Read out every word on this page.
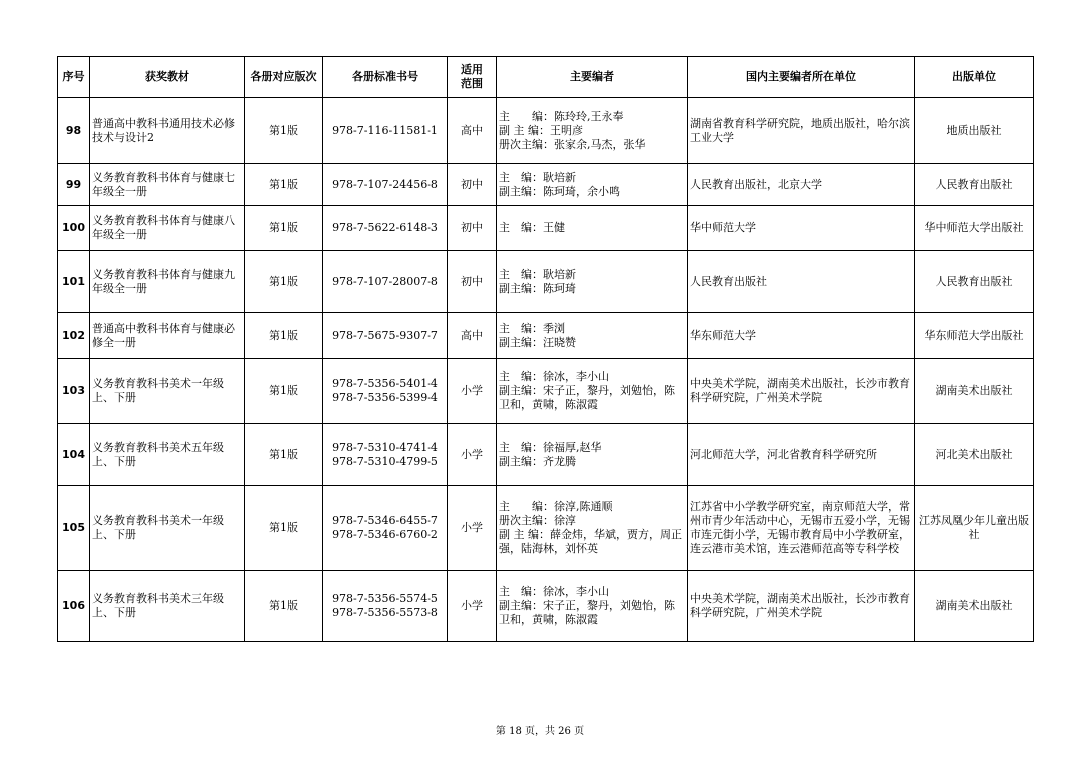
序号	获奖教材	各册对应版次	各册标准书号	适用范围	主要编者	国内主要编者所在单位	出版单位

98	普通高中教科书通用技术必修技术与设计2	第1版	978-7-116-11581-1	高中	主　　编：陈玲玲,王永奉
副 主 编：王明彦
册次主编：张家余,马杰，张华	湖南省教育科学研究院，地质出版社，哈尔滨工业大学	地质出版社

99	义务教育教科书体育与健康七年级全一册	第1版	978-7-107-24456-8	初中	主　编：耿培新
副主编：陈珂琦，余小鸣	人民教育出版社，北京大学	人民教育出版社

100	义务教育教科书体育与健康八年级全一册	第1版	978-7-5622-6148-3	初中	主　编：王健	华中师范大学	华中师范大学出版社

101	义务教育教科书体育与健康九年级全一册	第1版	978-7-107-28007-8	初中	主　编：耿培新
副主编：陈珂琦	人民教育出版社	人民教育出版社

102	普通高中教科书体育与健康必修全一册	第1版	978-7-5675-9307-7	高中	主　编：季浏
副主编：汪晓赞	华东师范大学	华东师范大学出版社

103	义务教育教科书美术一年级上、下册	第1版	978-7-5356-5401-4
978-7-5356-5399-4	小学	主　编：徐冰，李小山
副主编：宋子正，黎丹，刘勉怡，陈卫和，黄啸，陈淑霞	中央美术学院，湖南美术出版社，长沙市教育科学研究院，广州美术学院	湖南美术出版社

104	义务教育教科书美术五年级上、下册	第1版	978-7-5310-4741-4
978-7-5310-4799-5	小学	主　编：徐福厚,赵华
副主编：齐龙腾	河北师范大学，河北省教育科学研究所	河北美术出版社

105	义务教育教科书美术一年级上、下册	第1版	978-7-5346-6455-7
978-7-5346-6760-2	小学	主　　编：徐淳,陈通顺
册次主编：徐淳
副 主 编：薛金炜，华斌，贾方，周正强，陆海林，刘怀英	江苏省中小学教学研究室，南京师范大学，常州市青少年活动中心，无锡市五爱小学，无锡市连元街小学，无锡市教育局中小学教研室，连云港市美术馆，连云港师范高等专科学校	江苏凤凰少年儿童出版社

106	义务教育教科书美术三年级上、下册	第1版	978-7-5356-5574-5
978-7-5356-5573-8	小学	主　编：徐冰，李小山
副主编：宋子正，黎丹，刘勉怡，陈卫和，黄啸，陈淑霞	中央美术学院，湖南美术出版社，长沙市教育科学研究院，广州美术学院	湖南美术出版社
第 18 页，共 26 页
